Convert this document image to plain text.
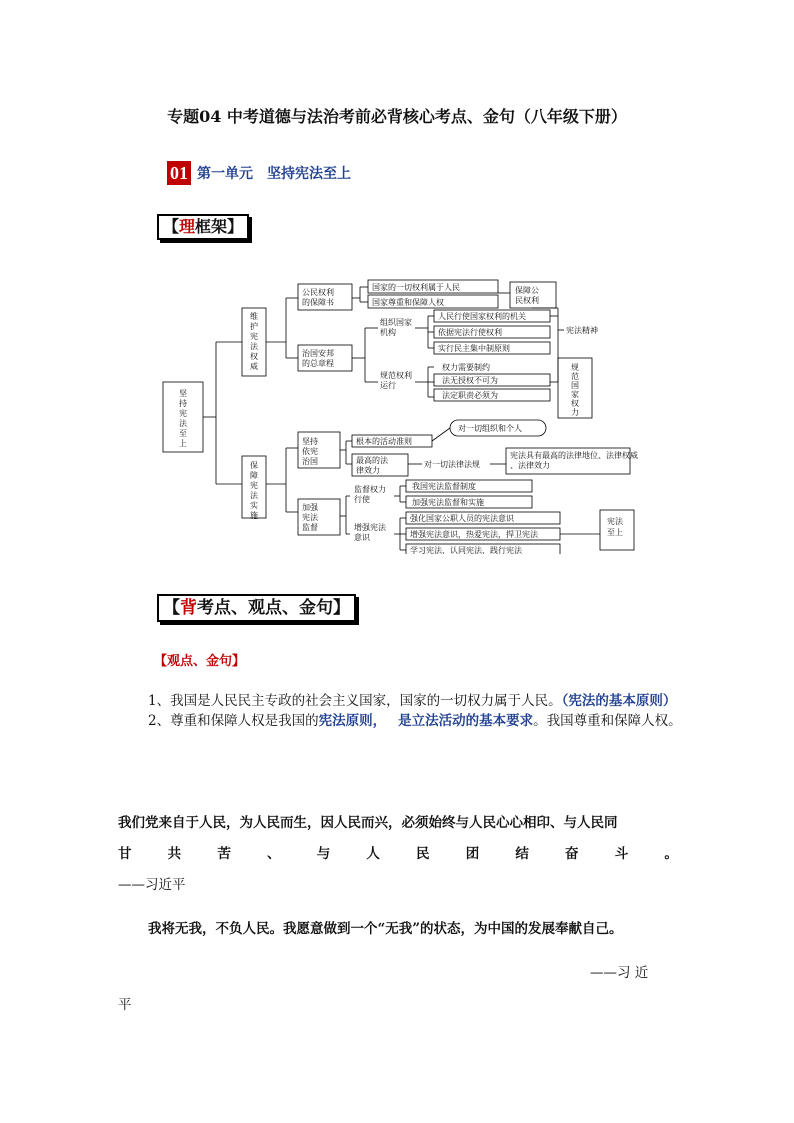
专题04 中考道德与法治考前必背核心考点、金句（八年级下册）
01 第一单元　坚持宪法至上
【理框架】
坚持宪法至上
维护宪法权威
保障宪法实施
公民权利的保障书
治国安邦的总章程
组织国家机构
规范权利运行
国家的一切权利属于人民
国家尊重和保障人权
人民行使国家权利的机关
依据宪法行使权利
实行民主集中制原则
权力需要制约
法无授权不可为
法定职责必须为
保障公民权利
宪法精神
规范国家权力
坚持依宪治国
加强宪法监督
根本的活动准则
最高的法律效力
对一切组织和个人
对一切法律法规
宪法具有最高的法律地位、法律权威、法律效力
监督权力行使
增强宪法意识
我国宪法监督制度
加强宪法监督和实施
强化国家公职人员的宪法意识
增强宪法意识，热爱宪法，捍卫宪法
学习宪法，认同宪法，践行宪法
宪法至上
【背考点、观点、金句】
【观点、金句】
1、我国是人民民主专政的社会主义国家，国家的一切权力属于人民。（宪法的基本原则）
2、尊重和保障人权是我国的宪法原则， 是立法活动的基本要求。我国尊重和保障人权。
我们党来自于人民，为人民而生，因人民而兴，必须始终与人民心心相印、与人民同
甘	共	苦	、	与	人	民	团	结	奋	斗	。
——习近平
我将无我，不负人民。我愿意做到一个“无我”的状态，为中国的发展奉献自己。
——习 近
平
